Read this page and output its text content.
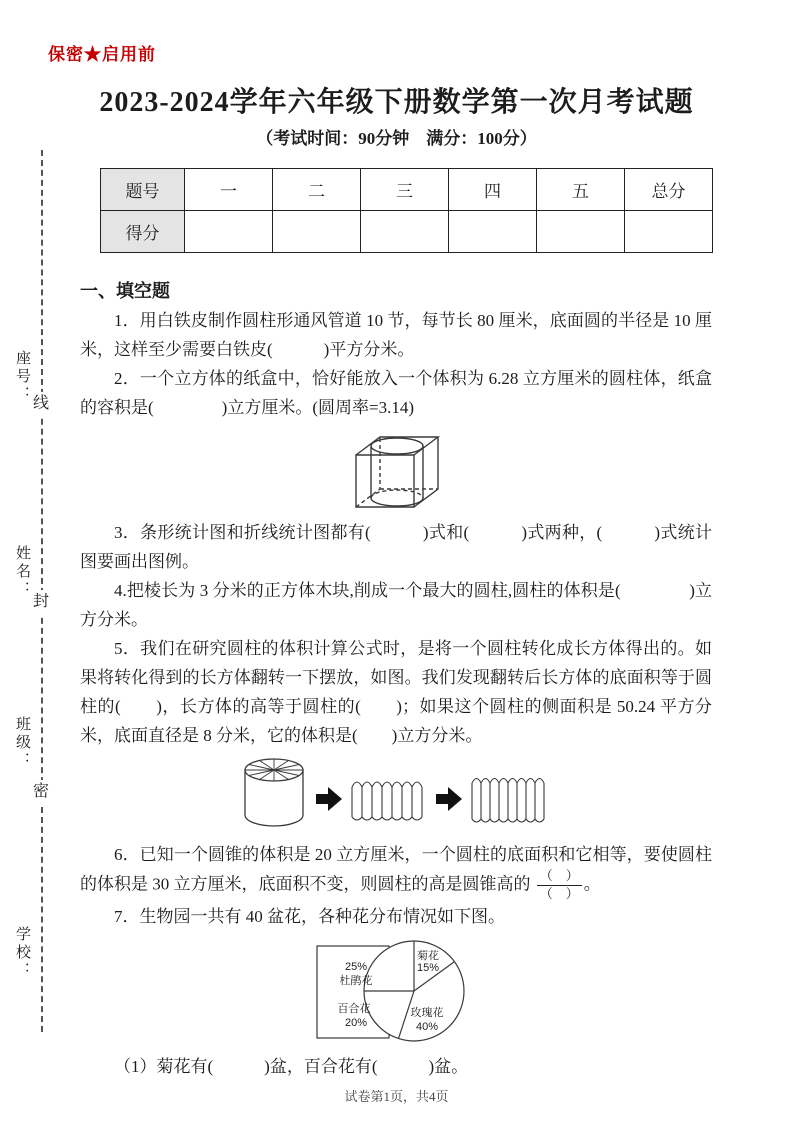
保密★启用前
2023-2024学年六年级下册数学第一次月考试题
（考试时间：90分钟　满分：100分）
座号：
姓名：
班级：
学校：
线
封
密
题号	一	二	三	四	五	总分
得分						
一、填空题

1．用白铁皮制作圆柱形通风管道 10 节，每节长 80 厘米，底面圆的半径是 10 厘米，这样至少需要白铁皮(　　　)平方分米。

2．一个立方体的纸盒中，恰好能放入一个体积为 6.28 立方厘米的圆柱体，纸盒的容积是(　　　　)立方厘米。(圆周率=3.14)

3．条形统计图和折线统计图都有(　　　)式和(　　　)式两种，(　　　)式统计图要画出图例。

4.把棱长为 3 分米的正方体木块,削成一个最大的圆柱,圆柱的体积是(　　　　)立方分米。

5．我们在研究圆柱的体积计算公式时，是将一个圆柱转化成长方体得出的。如果将转化得到的长方体翻转一下摆放，如图。我们发现翻转后长方体的底面积等于圆柱的(　　)，长方体的高等于圆柱的(　　)；如果这个圆柱的侧面积是 50.24 平方分米，底面直径是 8 分米，它的体积是(　　)立方分米。

6．已知一个圆锥的体积是 20 立方厘米，一个圆柱的底面积和它相等，要使圆柱的体积是 30 立方厘米，底面积不变，则圆柱的高是圆锥高的 $\frac{( )}{( )}$ 。

7．生物园一共有 40 盆花，各种花分布情况如下图。

菊花
15%
25%
杜鹃花
百合花
20%
玫瑰花
40%

（1）菊花有(　　　)盆，百合花有(　　　)盆。

试卷第1页，共4页
